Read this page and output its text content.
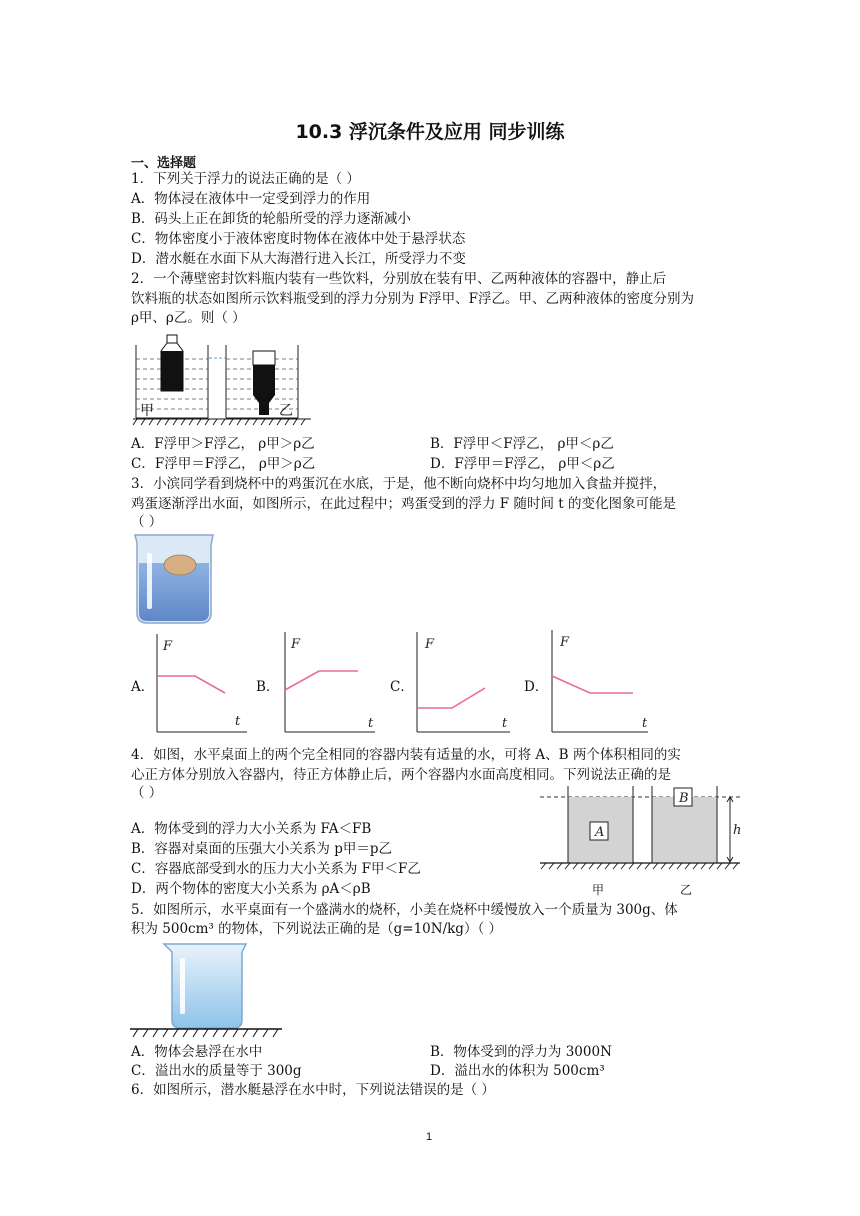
10.3 浮沉条件及应用 同步训练
一、选择题
1．下列关于浮力的说法正确的是（ ）
A．物体浸在液体中一定受到浮力的作用
B．码头上正在卸货的轮船所受的浮力逐渐减小
C．物体密度小于液体密度时物体在液体中处于悬浮状态
D．潜水艇在水面下从大海潜行进入长江，所受浮力不变
2．一个薄壁密封饮料瓶内装有一些饮料，分别放在装有甲、乙两种液体的容器中，静止后
饮料瓶的状态如图所示饮料瓶受到的浮力分别为 F浮甲、F浮乙。甲、乙两种液体的密度分别为
ρ甲、ρ乙。则（ ）
甲	乙
A．F浮甲＞F浮乙， ρ甲＞ρ乙	B．F浮甲＜F浮乙， ρ甲＜ρ乙
C．F浮甲＝F浮乙， ρ甲＞ρ乙	D．F浮甲＝F浮乙， ρ甲＜ρ乙
3．小滨同学看到烧杯中的鸡蛋沉在水底，于是，他不断向烧杯中均匀地加入食盐并搅拌，
鸡蛋逐渐浮出水面，如图所示，在此过程中；鸡蛋受到的浮力 F 随时间 t 的变化图象可能是
（ ）
A．
F
t
B．
F
t
C．
F
t
D．
F
t
4．如图，水平桌面上的两个完全相同的容器内装有适量的水，可将 A、B 两个体积相同的实
心正方体分别放入容器内，待正方体静止后，两个容器内水面高度相同。下列说法正确的是
（ ）
A．物体受到的浮力大小关系为 FA＜FB
B．容器对桌面的压强大小关系为 p甲＝p乙
C．容器底部受到水的压力大小关系为 F甲＜F乙
D．两个物体的密度大小关系为 ρA＜ρB
A
B
h
甲	乙
5．如图所示，水平桌面有一个盛满水的烧杯，小美在烧杯中缓慢放入一个质量为 300g、体
积为 500cm³ 的物体，下列说法正确的是（g=10N/kg）（ ）
A．物体会悬浮在水中	B．物体受到的浮力为 3000N
C．溢出水的质量等于 300g	D．溢出水的体积为 500cm³
6．如图所示，潜水艇悬浮在水中时，下列说法错误的是（ ）
1
